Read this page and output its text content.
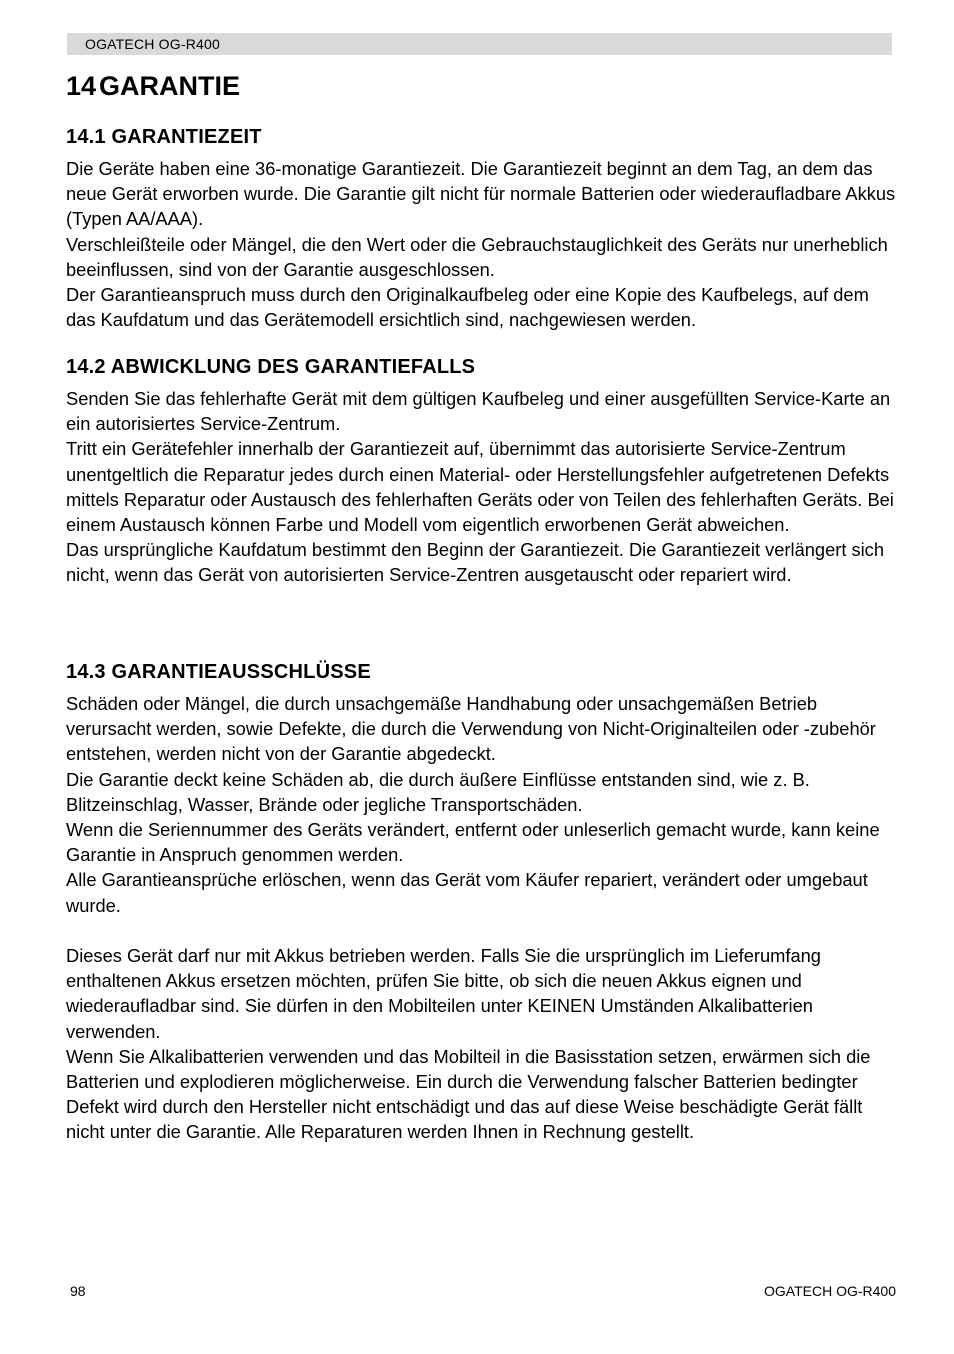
OGATECH OG-R400
14 GARANTIE
14.1 GARANTIEZEIT

Die Geräte haben eine 36-monatige Garantiezeit. Die Garantiezeit beginnt an dem Tag, an dem das neue Gerät erworben wurde. Die Garantie gilt nicht für normale Batterien oder wiederaufladbare Akkus (Typen AA/AAA).

Verschleißteile oder Mängel, die den Wert oder die Gebrauchstauglichkeit des Geräts nur unerheblich beeinflussen, sind von der Garantie ausgeschlossen.

Der Garantieanspruch muss durch den Originalkaufbeleg oder eine Kopie des Kaufbelegs, auf dem das Kaufdatum und das Gerätemodell ersichtlich sind, nachgewiesen werden.

14.2 ABWICKLUNG DES GARANTIEFALLS

Senden Sie das fehlerhafte Gerät mit dem gültigen Kaufbeleg und einer ausgefüllten Service-Karte an ein autorisiertes Service-Zentrum.

Tritt ein Gerätefehler innerhalb der Garantiezeit auf, übernimmt das autorisierte Service-Zentrum unentgeltlich die Reparatur jedes durch einen Material- oder Herstellungsfehler aufgetretenen Defekts mittels Reparatur oder Austausch des fehlerhaften Geräts oder von Teilen des fehlerhaften Geräts. Bei einem Austausch können Farbe und Modell vom eigentlich erworbenen Gerät abweichen.

Das ursprüngliche Kaufdatum bestimmt den Beginn der Garantiezeit. Die Garantiezeit verlängert sich nicht, wenn das Gerät von autorisierten Service-Zentren ausgetauscht oder repariert wird.

14.3 GARANTIEAUSSCHLÜSSE

Schäden oder Mängel, die durch unsachgemäße Handhabung oder unsachgemäßen Betrieb verursacht werden, sowie Defekte, die durch die Verwendung von Nicht-Originalteilen oder -zubehör entstehen, werden nicht von der Garantie abgedeckt.

Die Garantie deckt keine Schäden ab, die durch äußere Einflüsse entstanden sind, wie z. B. Blitzeinschlag, Wasser, Brände oder jegliche Transportschäden.

Wenn die Seriennummer des Geräts verändert, entfernt oder unleserlich gemacht wurde, kann keine Garantie in Anspruch genommen werden.

Alle Garantieansprüche erlöschen, wenn das Gerät vom Käufer repariert, verändert oder umgebaut wurde.

Dieses Gerät darf nur mit Akkus betrieben werden. Falls Sie die ursprünglich im Lieferumfang enthaltenen Akkus ersetzen möchten, prüfen Sie bitte, ob sich die neuen Akkus eignen und wiederaufladbar sind. Sie dürfen in den Mobilteilen unter KEINEN Umständen Alkalibatterien verwenden.

Wenn Sie Alkalibatterien verwenden und das Mobilteil in die Basisstation setzen, erwärmen sich die Batterien und explodieren möglicherweise. Ein durch die Verwendung falscher Batterien bedingter Defekt wird durch den Hersteller nicht entschädigt und das auf diese Weise beschädigte Gerät fällt nicht unter die Garantie. Alle Reparaturen werden Ihnen in Rechnung gestellt.

98	OGATECH OG-R400
